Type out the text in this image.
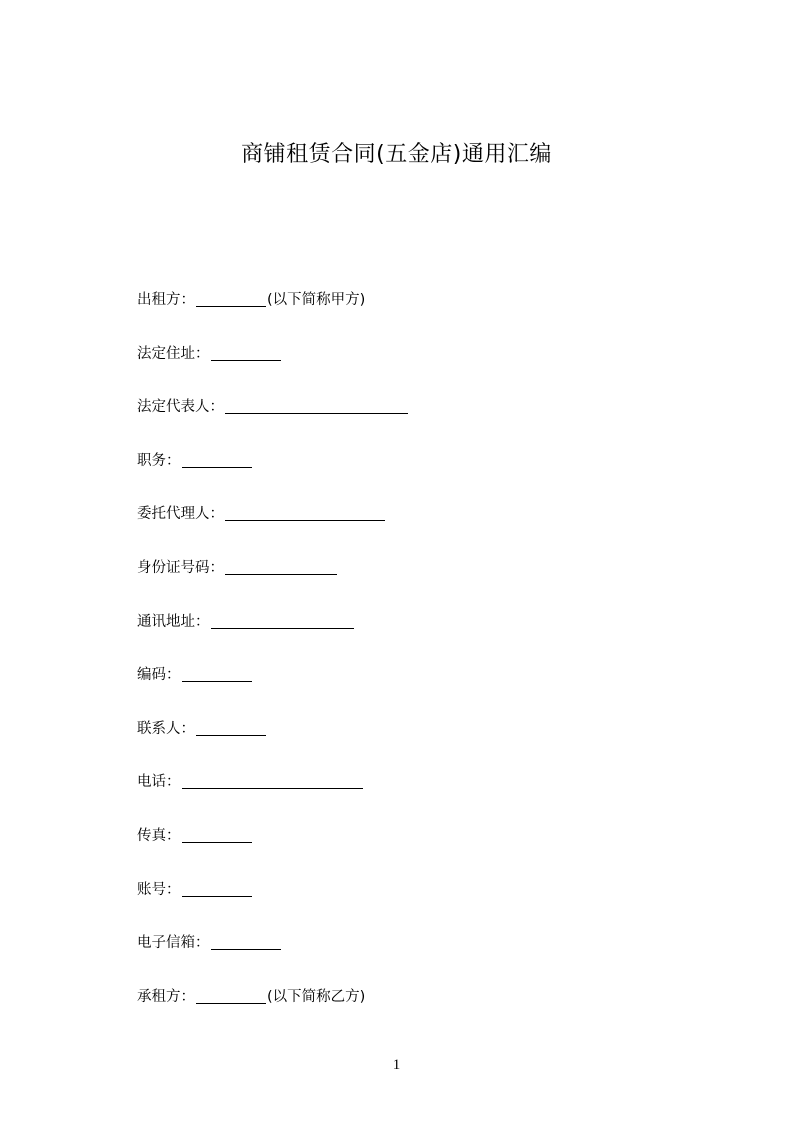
商铺租赁合同(五金店)通用汇编
出租方：	(以下简称甲方)
法定住址：
法定代表人：
职务：
委托代理人：
身份证号码：
通讯地址：
编码：
联系人：
电话：
传真：
账号：
电子信箱：
承租方：	(以下简称乙方)
1
